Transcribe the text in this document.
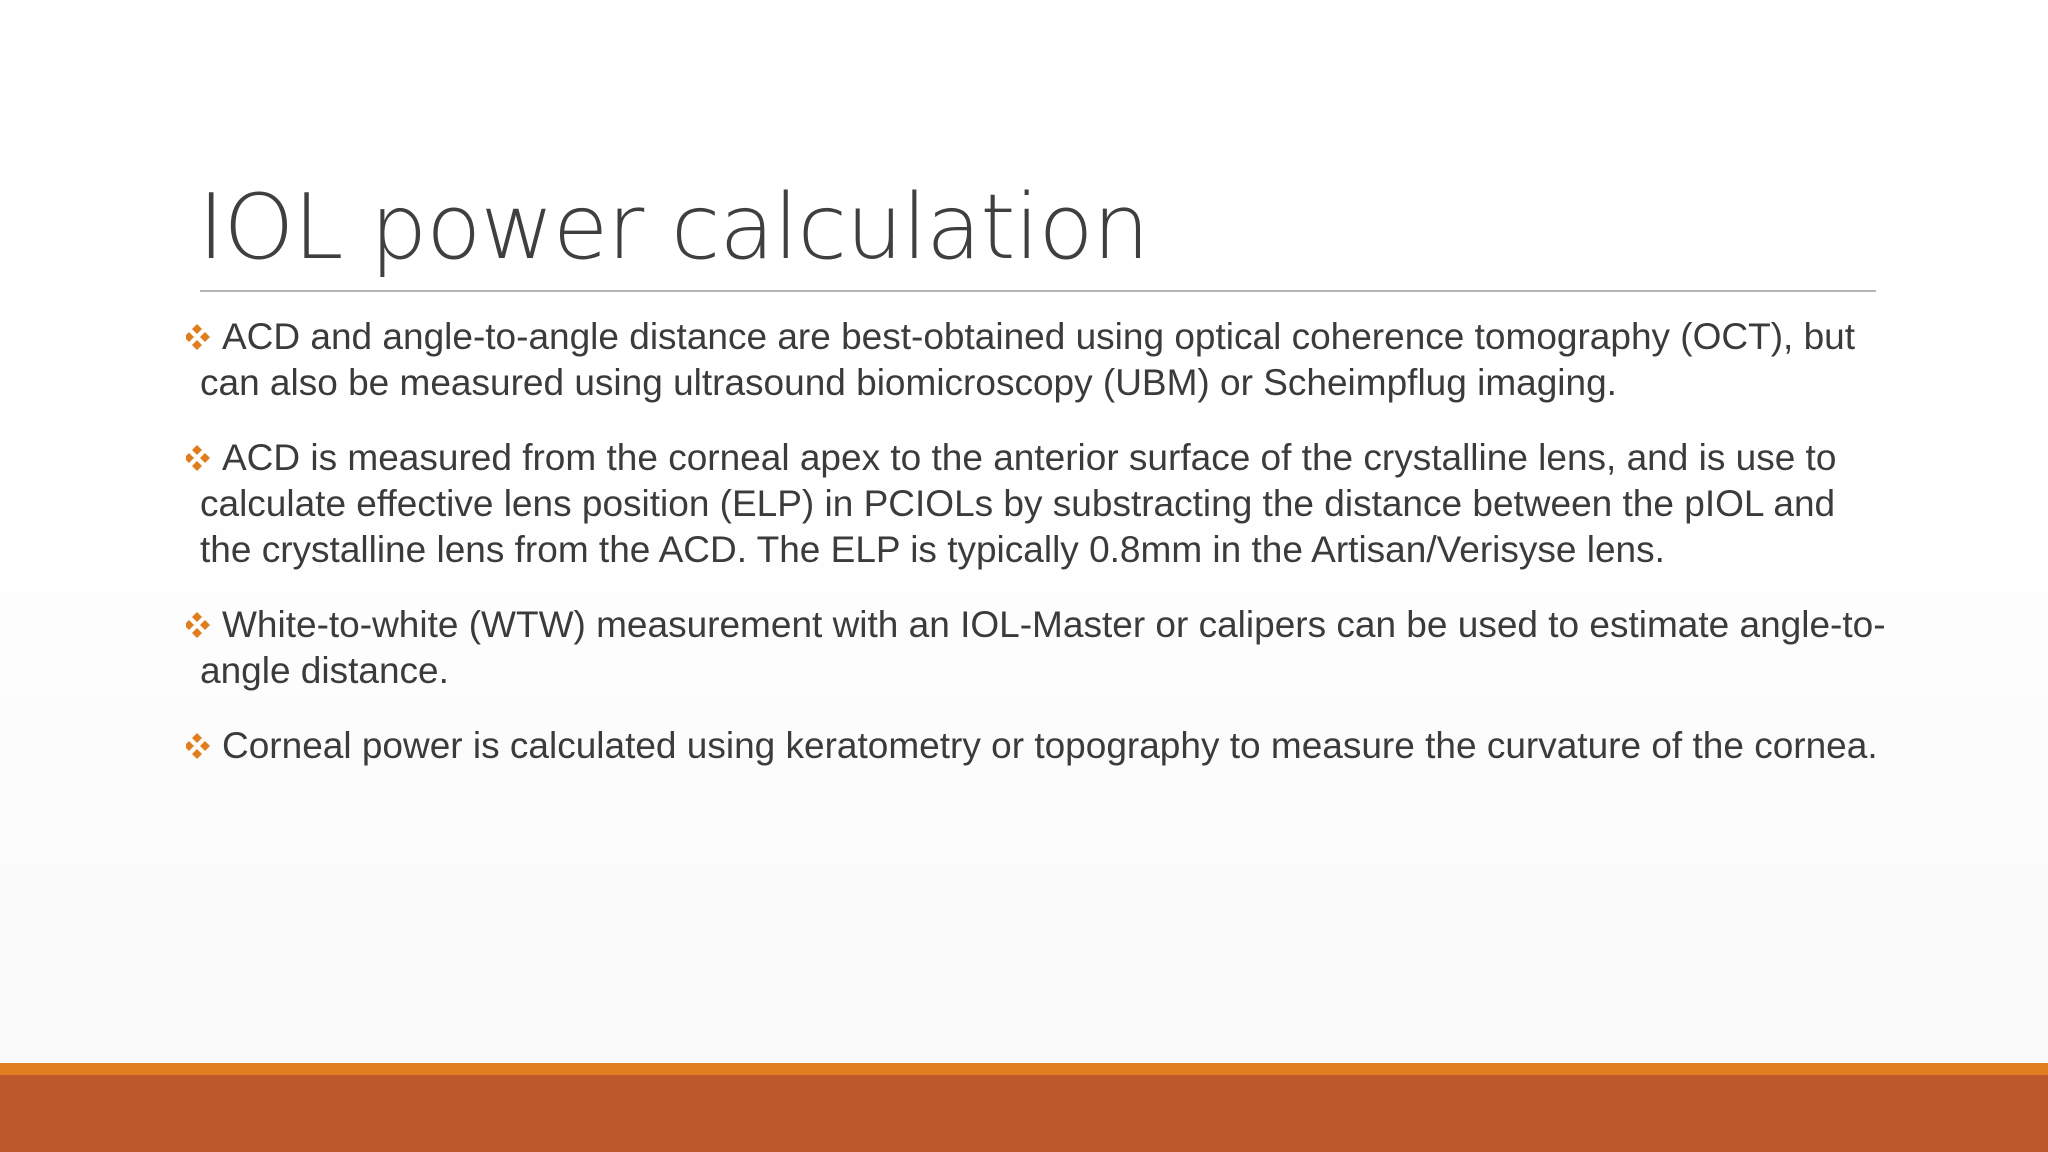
IOL power calculation
ACD and angle-to-angle distance are best-obtained using optical coherence tomography (OCT), but can also be measured using ultrasound biomicroscopy (UBM) or Scheimpflug imaging.
ACD is measured from the corneal apex to the anterior surface of the crystalline lens, and is use to calculate effective lens position (ELP) in PCIOLs by substracting the distance between the pIOL and the crystalline lens from the ACD. The ELP is typically 0.8mm in the Artisan/Verisyse lens.
White-to-white (WTW) measurement with an IOL-Master or calipers can be used to estimate angle-to-angle distance.
Corneal power is calculated using keratometry or topography to measure the curvature of the cornea.
